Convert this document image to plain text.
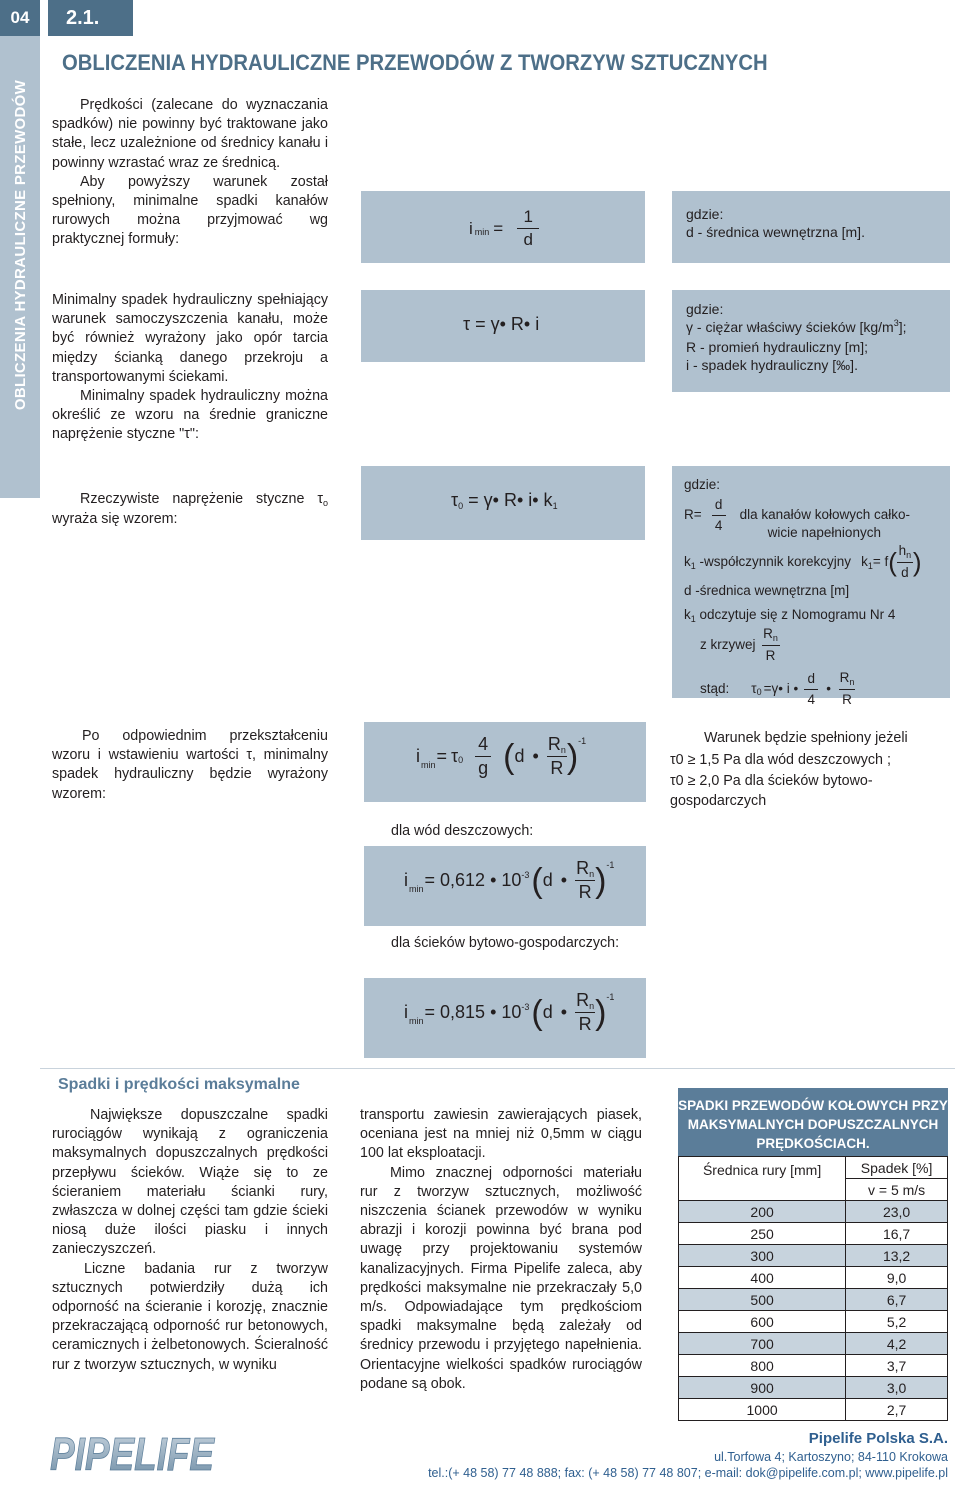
04
OBLICZENIA HYDRAULICZNE PRZEWODÓW
2.1.
OBLICZENIA HYDRAULICZNE PRZEWODÓW Z TWORZYW SZTUCZNYCH

Prędkości (zalecane do wyznaczania spadków) nie powinny być traktowane jako stałe, lecz uzależnione od średnicy kanału i powinny wzrastać wraz ze średnicą.

Aby powyższy warunek został spełniony, minimalne spadki kanałów rurowych można przyjmować wg praktycznej formuły:

Minimalny spadek hydrauliczny spełniający warunek samoczyszczenia kanału, może być również wyrażony jako opór tarcia między ścianką danego przekroju a transportowanymi ściekami.

Minimalny spadek hydrauliczny można określić ze wzoru na średnie graniczne naprężenie styczne "τ":

Rzeczywiste naprężenie styczne $\tau_o$ wyraża się wzorem:

i $\min = \frac{1}{d}$
τ = γ• R• i
τ0 = γ• R• i• k1
gdzie:
d - średnica wewnętrzna [m].
gdzie:
γ - ciężar właściwy ścieków $[kg/m^3]$;
R - promień hydrauliczny [m];
i - spadek hydrauliczny [‰].
gdzie:
$R= \frac{d}{4}$ dla kanałów kołowych całko-
wicie napełnionych
$k_1$ -współczynnik korekcyjny $k_1= f$ ( $\frac{h_n}{d}$ )
d -średnica wewnętrzna [m]
$k_1$ odczytuje się z Nomogramu Nr 4
z krzywej $\frac{R_n}{R}$
stąd: τ 0 =γ• i • $\frac{d}{4}$ • $\frac{R_n}{R}$

Po odpowiednim przekształceniu wzoru i wstawieniu wartości τ, minimalny spadek hydrauliczny będzie wyrażony wzorem:

i min = τ $0 \frac{4}{g}$ ( d • $\frac{Rn}{R}$ ) -1	Warunek będzie spełniony jeżeli
τ0 ≥ 1,5 Pa dla wód deszczowych ;
τ0 ≥ 2,0 Pa dla ścieków bytowo-gospodarczych
dla wód deszczowych:
i min = 0,612 • 10 -3 ( d • $\frac{Rn}{R}$ ) -1
dla ścieków bytowo-gospodarczych:
i min = 0,815 • 10 -3 ( d • $\frac{Rn}{R}$ ) -1
Spadki i prędkości maksymalne

Największe dopuszczalne spadki rurociągów wynikają z ograniczenia maksymalnych dopuszczalnych prędkości przepływu ścieków. Wiąże się to ze ścieraniem materiału ścianki rury, zwłaszcza w dolnej części tam gdzie ścieki niosą duże ilości piasku i innych zanieczyszczeń.

Liczne badania rur z tworzyw sztucznych potwierdziły dużą ich odporność na ścieranie i korozję, znacznie przekraczającą odporność rur betonowych, ceramicznych i żelbetonowych. Ścieralność rur z tworzyw sztucznych, w wyniku

transportu zawiesin zawierających piasek, oceniana jest na mniej niż 0,5mm w ciągu 100 lat eksploatacji.

Mimo znacznej odporności materiału rur z tworzyw sztucznych, możliwość niszczenia ścianek przewodów w wyniku abrazji i korozji powinna być brana pod uwagę przy projektowaniu systemów kanalizacyjnych. Firma Pipelife zaleca, aby prędkości maksymalne nie przekraczały 5,0 m/s. Odpowiadające tym prędkościom spadki maksymalne będą zależały od średnicy przewodu i przyjętego napełnienia. Orientacyjne wielkości spadków rurociągów podane są obok.

SPADKI PRZEWODÓW KOŁOWYCH PRZY MAKSYMALNYCH DOPUSZCZALNYCH PRĘDKOŚCIACH.
Średnica rury [mm]	Spadek [%]
	v = 5 m/s
200	23,0
250	16,7
300	13,2
400	9,0
500	6,7
600	5,2
700	4,2
800	3,7
900	3,0
1000	2,7
PIPELIFE	Pipelife Polska S.A.
ul.Torfowa 4; Kartoszyno; 84-110 Krokowa
tel.:(+ 48 58) 77 48 888; fax: (+ 48 58) 77 48 807; e-mail: dok@pipelife.com.pl; www.pipelife.pl
